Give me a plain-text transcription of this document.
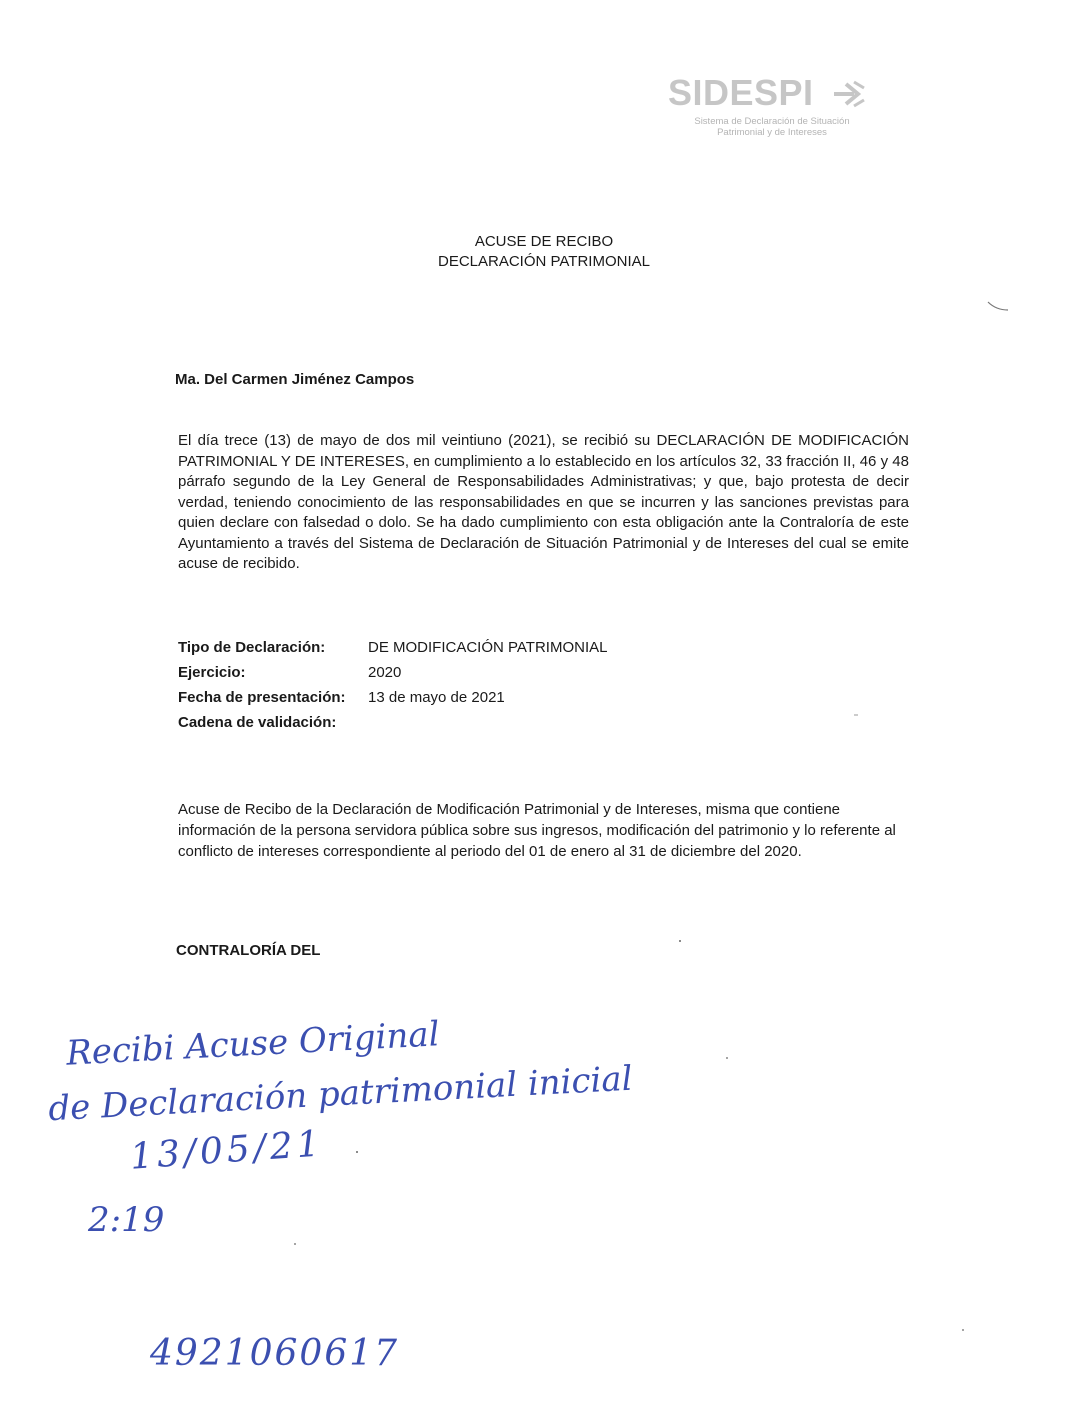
SIDESPI
Sistema de Declaración de Situación
Patrimonial y de Intereses
ACUSE DE RECIBO
DECLARACIÓN PATRIMONIAL
Ma. Del Carmen Jiménez Campos
El día trece (13) de mayo de dos mil veintiuno (2021), se recibió su DECLARACIÓN DE MODIFICACIÓN PATRIMONIAL Y DE INTERESES, en cumplimiento a lo establecido en los artículos 32, 33 fracción II, 46 y 48 párrafo segundo de la Ley General de Responsabilidades Administrativas; y que, bajo protesta de decir verdad, teniendo conocimiento de las responsabilidades en que se incurren y las sanciones previstas para quien declare con falsedad o dolo. Se ha dado cumplimiento con esta obligación ante la Contraloría de este Ayuntamiento a través del Sistema de Declaración de Situación Patrimonial y de Intereses del cual se emite acuse de recibido.
Tipo de Declaración:	DE MODIFICACIÓN PATRIMONIAL
Ejercicio:	2020
Fecha de presentación: 13 de mayo de 2021
Cadena de validación:
Acuse de Recibo de la Declaración de Modificación Patrimonial y de Intereses, misma que contiene información de la persona servidora pública sobre sus ingresos, modificación del patrimonio y lo referente al conflicto de intereses correspondiente al periodo del 01 de enero al 31 de diciembre del 2020.
CONTRALORÍA DEL
Recibi Acuse Original
de Declaración patrimonial inicial
13/05/21
2:19
4921060617
